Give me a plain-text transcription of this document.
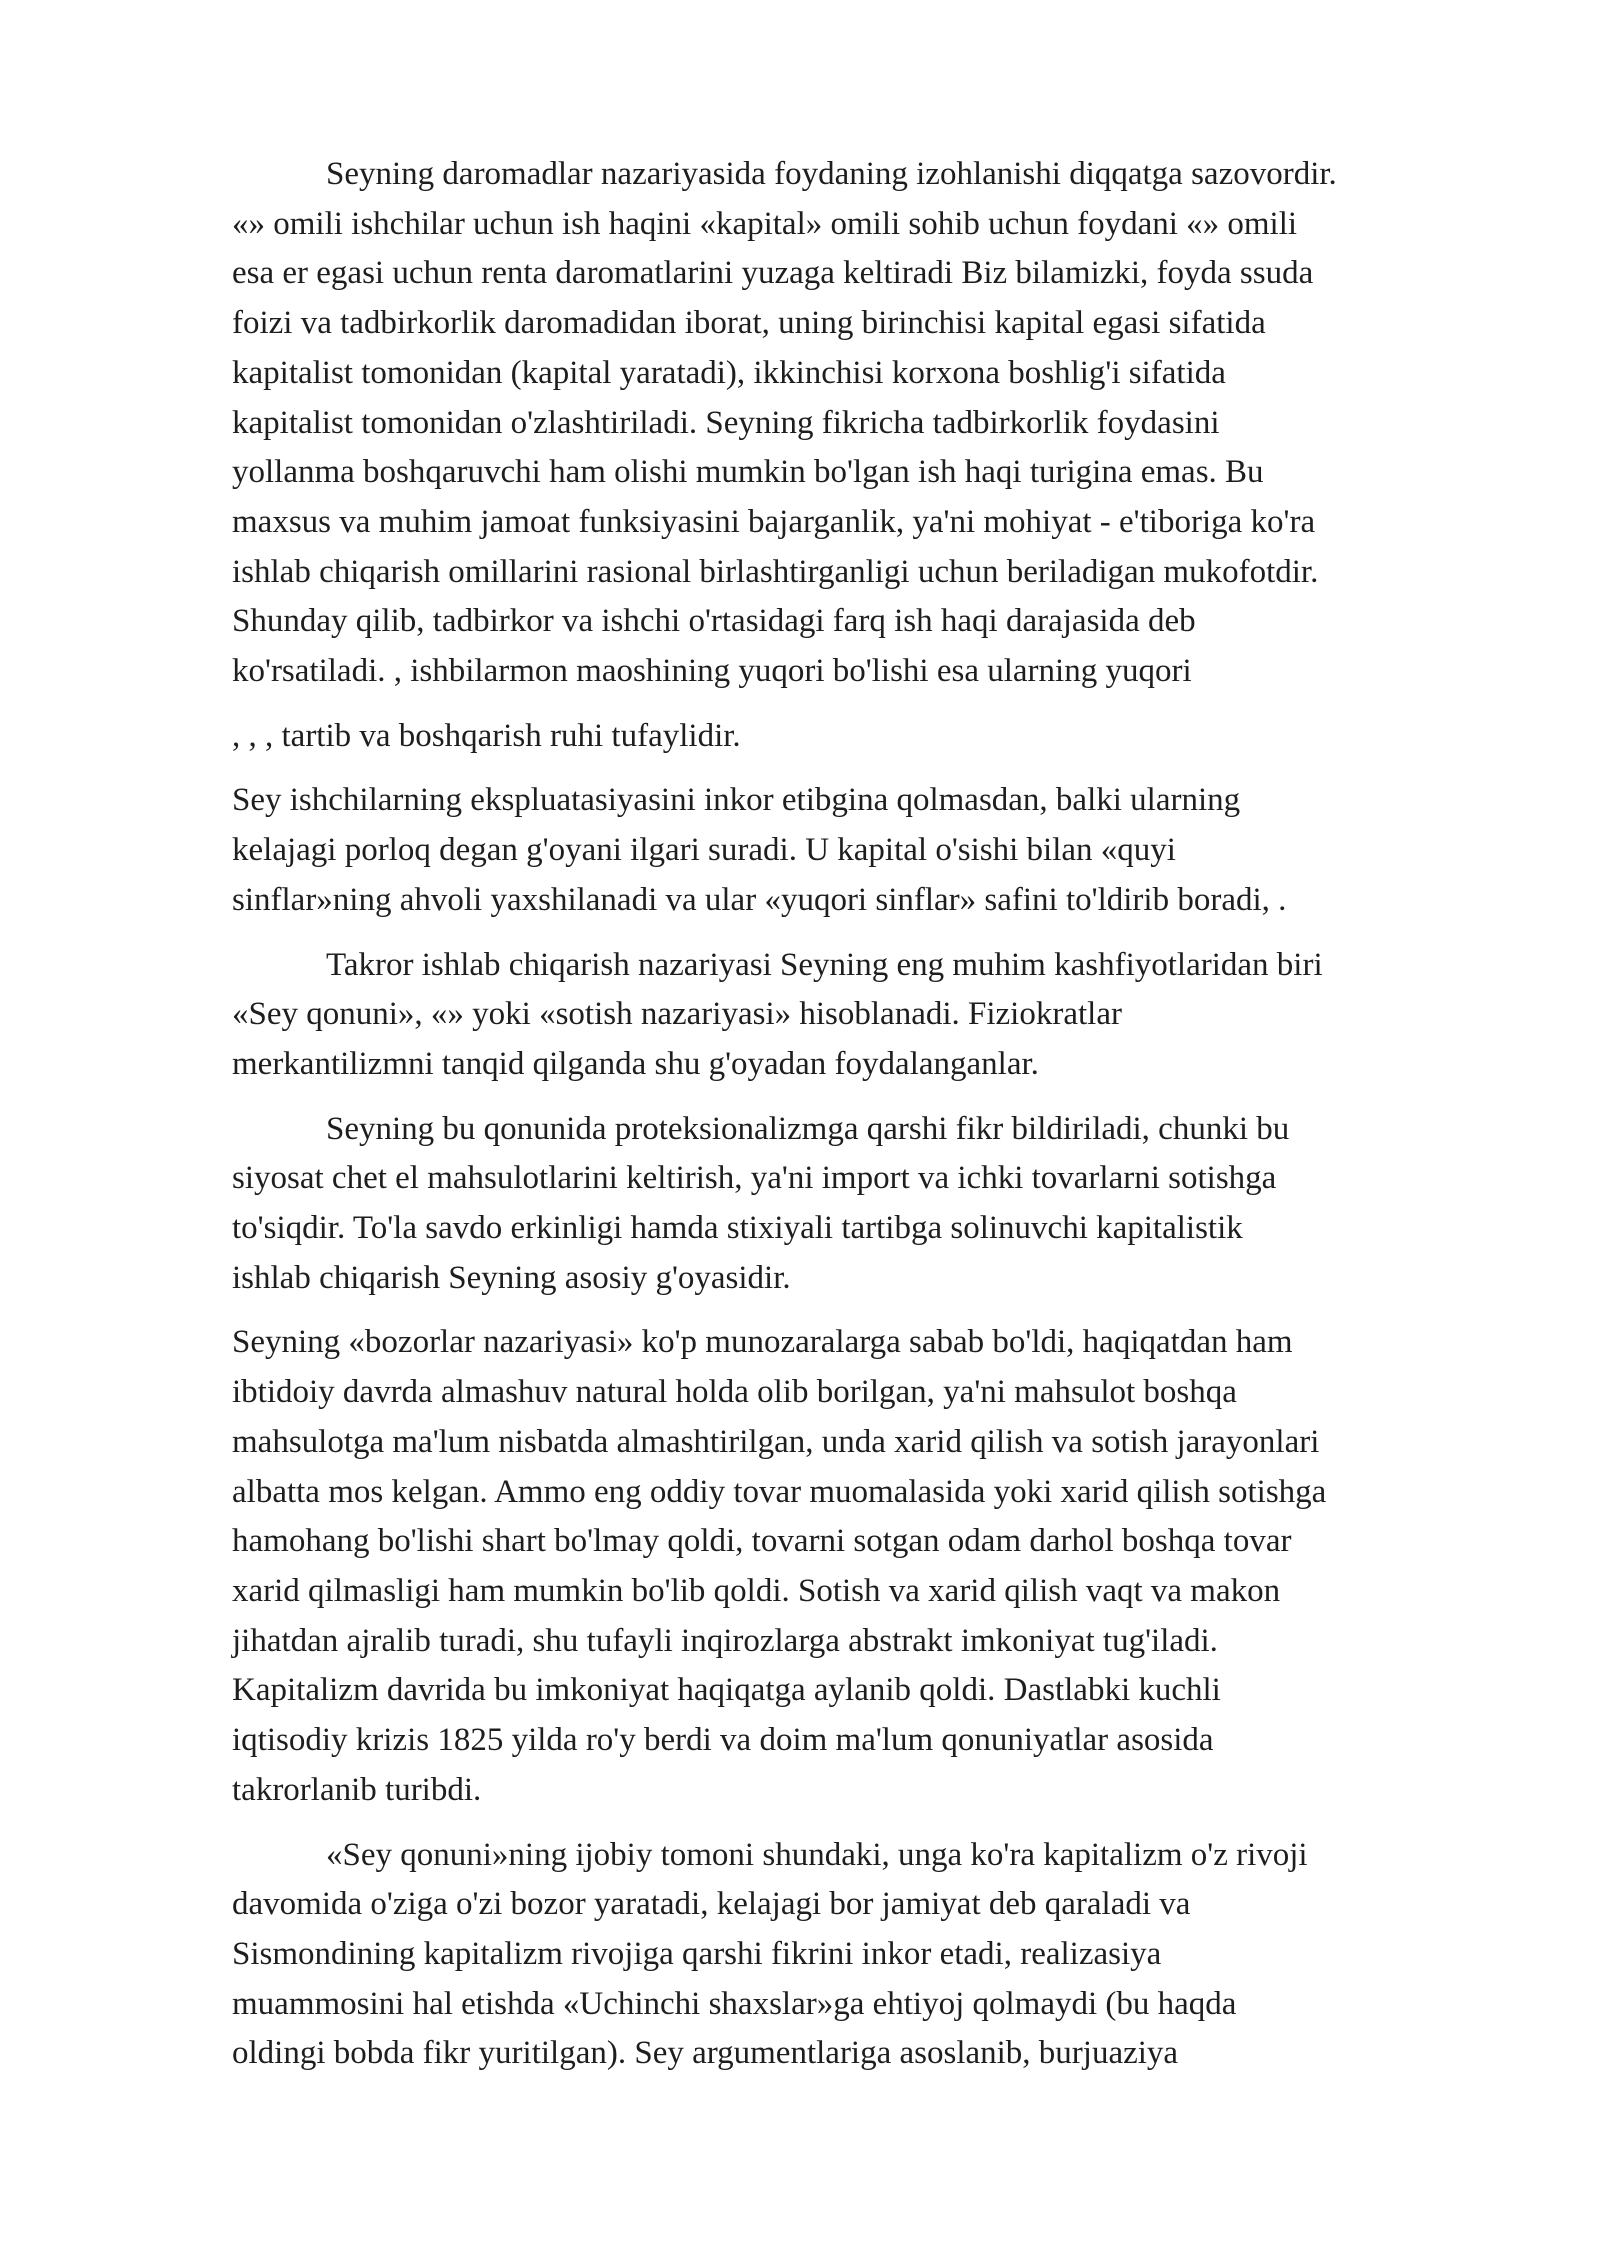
Seyning daromadlar nazariyasida foydaning izohlanishi diqqatga sazovordir.
«» omili ishchilar uchun ish haqini «kapital» omili sohib uchun foydani «» omili
esa er egasi uchun renta daromatlarini yuzaga keltiradi Biz bilamizki, foyda ssuda
foizi va tadbirkorlik daromadidan iborat, uning birinchisi kapital egasi sifatida
kapitalist tomonidan (kapital yaratadi), ikkinchisi korxona boshlig'i sifatida
kapitalist tomonidan o'zlashtiriladi. Seyning fikricha tadbirkorlik foydasini
yollanma boshqaruvchi ham olishi mumkin bo'lgan ish haqi turigina emas. Bu
maxsus va muhim jamoat funksiyasini bajarganlik, ya'ni mohiyat - e'tiboriga ko'ra
ishlab chiqarish omillarini rasional birlashtirganligi uchun beriladigan mukofotdir.
Shunday qilib, tadbirkor va ishchi o'rtasidagi farq ish haqi darajasida deb
ko'rsatiladi. , ishbilarmon maoshining yuqori bo'lishi esa ularning yuqori

, , , tartib va boshqarish ruhi tufaylidir.

Sey ishchilarning ekspluatasiyasini inkor etibgina qolmasdan, balki ularning
kelajagi porloq degan g'oyani ilgari suradi. U kapital o'sishi bilan «quyi
sinflar»ning ahvoli yaxshilanadi va ular «yuqori sinflar» safini to'ldirib boradi, .

Takror ishlab chiqarish nazariyasi Seyning eng muhim kashfiyotlaridan biri
«Sey qonuni», «» yoki «sotish nazariyasi» hisoblanadi. Fiziokratlar
merkantilizmni tanqid qilganda shu g'oyadan foydalanganlar.

Seyning bu qonunida proteksionalizmga qarshi fikr bildiriladi, chunki bu
siyosat chet el mahsulotlarini keltirish, ya'ni import va ichki tovarlarni sotishga
to'siqdir. To'la savdo erkinligi hamda stixiyali tartibga solinuvchi kapitalistik
ishlab chiqarish Seyning asosiy g'oyasidir.

Seyning «bozorlar nazariyasi» ko'p munozaralarga sabab bo'ldi, haqiqatdan ham
ibtidoiy davrda almashuv natural holda olib borilgan, ya'ni mahsulot boshqa
mahsulotga ma'lum nisbatda almashtirilgan, unda xarid qilish va sotish jarayonlari
albatta mos kelgan. Ammo eng oddiy tovar muomalasida yoki xarid qilish sotishga
hamohang bo'lishi shart bo'lmay qoldi, tovarni sotgan odam darhol boshqa tovar
xarid qilmasligi ham mumkin bo'lib qoldi. Sotish va xarid qilish vaqt va makon
jihatdan ajralib turadi, shu tufayli inqirozlarga abstrakt imkoniyat tug'iladi.
Kapitalizm davrida bu imkoniyat haqiqatga aylanib qoldi. Dastlabki kuchli
iqtisodiy krizis 1825 yilda ro'y berdi va doim ma'lum qonuniyatlar asosida
takrorlanib turibdi.

«Sey qonuni»ning ijobiy tomoni shundaki, unga ko'ra kapitalizm o'z rivoji
davomida o'ziga o'zi bozor yaratadi, kelajagi bor jamiyat deb qaraladi va
Sismondining kapitalizm rivojiga qarshi fikrini inkor etadi, realizasiya
muammosini hal etishda «Uchinchi shaxslar»ga ehtiyoj qolmaydi (bu haqda
oldingi bobda fikr yuritilgan). Sey argumentlariga asoslanib, burjuaziya
